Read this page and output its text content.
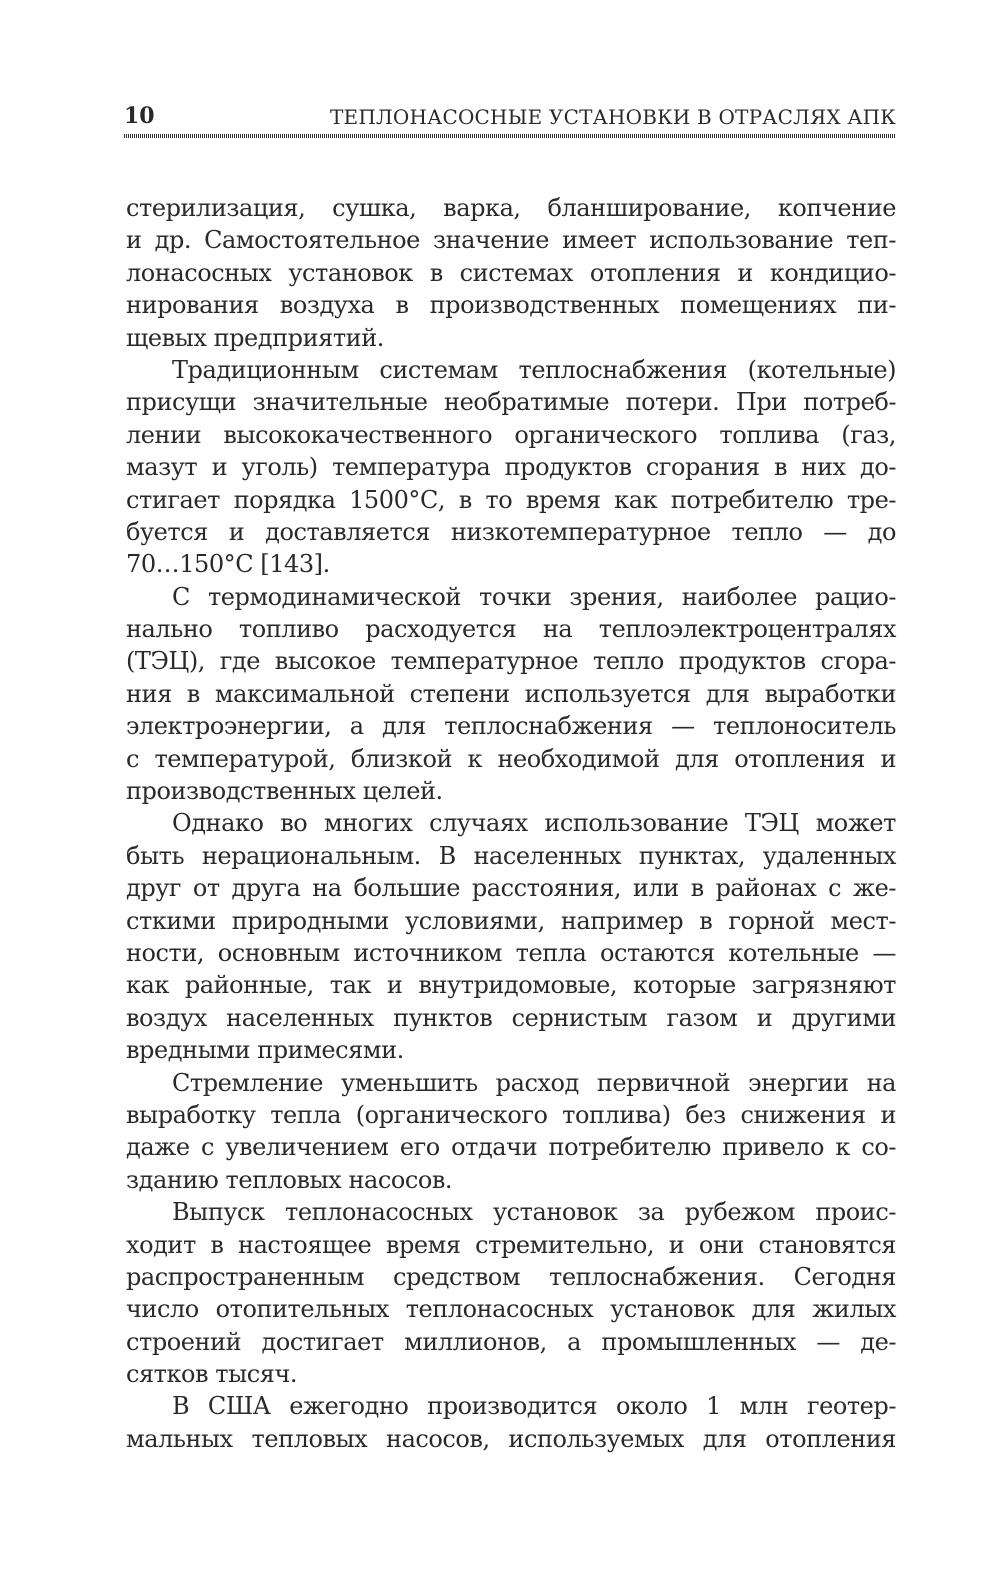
10	ТЕПЛОНАСОСНЫЕ УСТАНОВКИ В ОТРАСЛЯХ АПК
стерилизация, сушка, варка, бланширование, копчение
и др. Самостоятельное значение имеет использование теп-
лонасосных установок в системах отопления и кондицио-
нирования воздуха в производственных помещениях пи-
щевых предприятий.
Традиционным системам теплоснабжения (котельные)
присущи значительные необратимые потери. При потреб-
лении высококачественного органического топлива (газ,
мазут и уголь) температура продуктов сгорания в них до-
стигает порядка 1500°С, в то время как потребителю тре-
буется и доставляется низкотемпературное тепло — до
70…150°С [143].
С термодинамической точки зрения, наиболее рацио-
нально топливо расходуется на теплоэлектроцентралях
(ТЭЦ), где высокое температурное тепло продуктов сгора-
ния в максимальной степени используется для выработки
электроэнергии, а для теплоснабжения — теплоноситель
с температурой, близкой к необходимой для отопления и
производственных целей.
Однако во многих случаях использование ТЭЦ может
быть нерациональным. В населенных пунктах, удаленных
друг от друга на большие расстояния, или в районах с же-
сткими природными условиями, например в горной мест-
ности, основным источником тепла остаются котельные —
как районные, так и внутридомовые, которые загрязняют
воздух населенных пунктов сернистым газом и другими
вредными примесями.
Стремление уменьшить расход первичной энергии на
выработку тепла (органического топлива) без снижения и
даже с увеличением его отдачи потребителю привело к со-
зданию тепловых насосов.
Выпуск теплонасосных установок за рубежом проис-
ходит в настоящее время стремительно, и они становятся
распространенным средством теплоснабжения. Сегодня
число отопительных теплонасосных установок для жилых
строений достигает миллионов, а промышленных — де-
сятков тысяч.
В США ежегодно производится около 1 млн геотер-
мальных тепловых насосов, используемых для отопления
